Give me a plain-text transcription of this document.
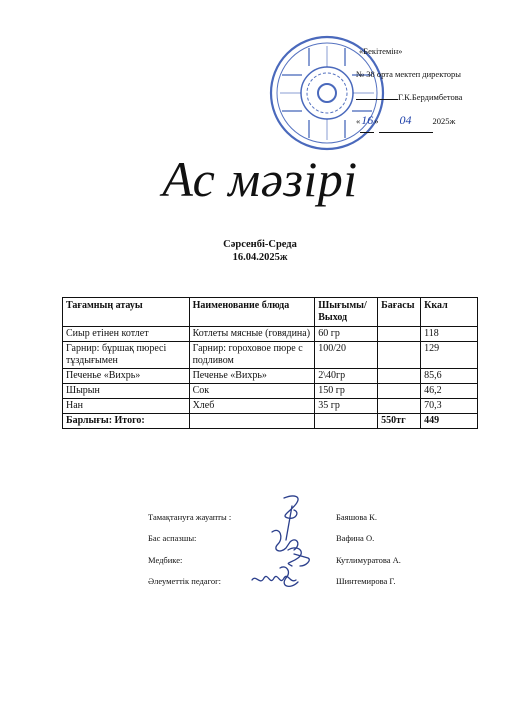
«Бекітемін»
№ 38 орта мектеп директоры
Г.К.Бердимбетова
«16» 04 2025ж
Ас мәзірі
Сәрсенбі-Среда
16.04.2025ж
Тағамның атауы	Наименование блюда	Шығымы/ Выход	Бағасы	Ккал
Сиыр етінен котлет	Котлеты мясные (говядина)	60 гр		118
Гарнир: бұршақ пюресі тұздығымен	Гарнир: гороховое пюре с подливом	100/20		129
Печенье «Вихрь»	Печенье «Вихрь»	2\40гр		85,6
Шырын	Сок	150 гр		46,2
Нан	Хлеб	35 гр		70,3
Барлығы: Итого:			550тг	449
Тамақтануға жауапты :	Баяшова К.
Бас аспазшы:	Вафина О.
Медбике:	Кутлимуратова А.
Әлеуметтік педагог:	Шинтемирова Г.
